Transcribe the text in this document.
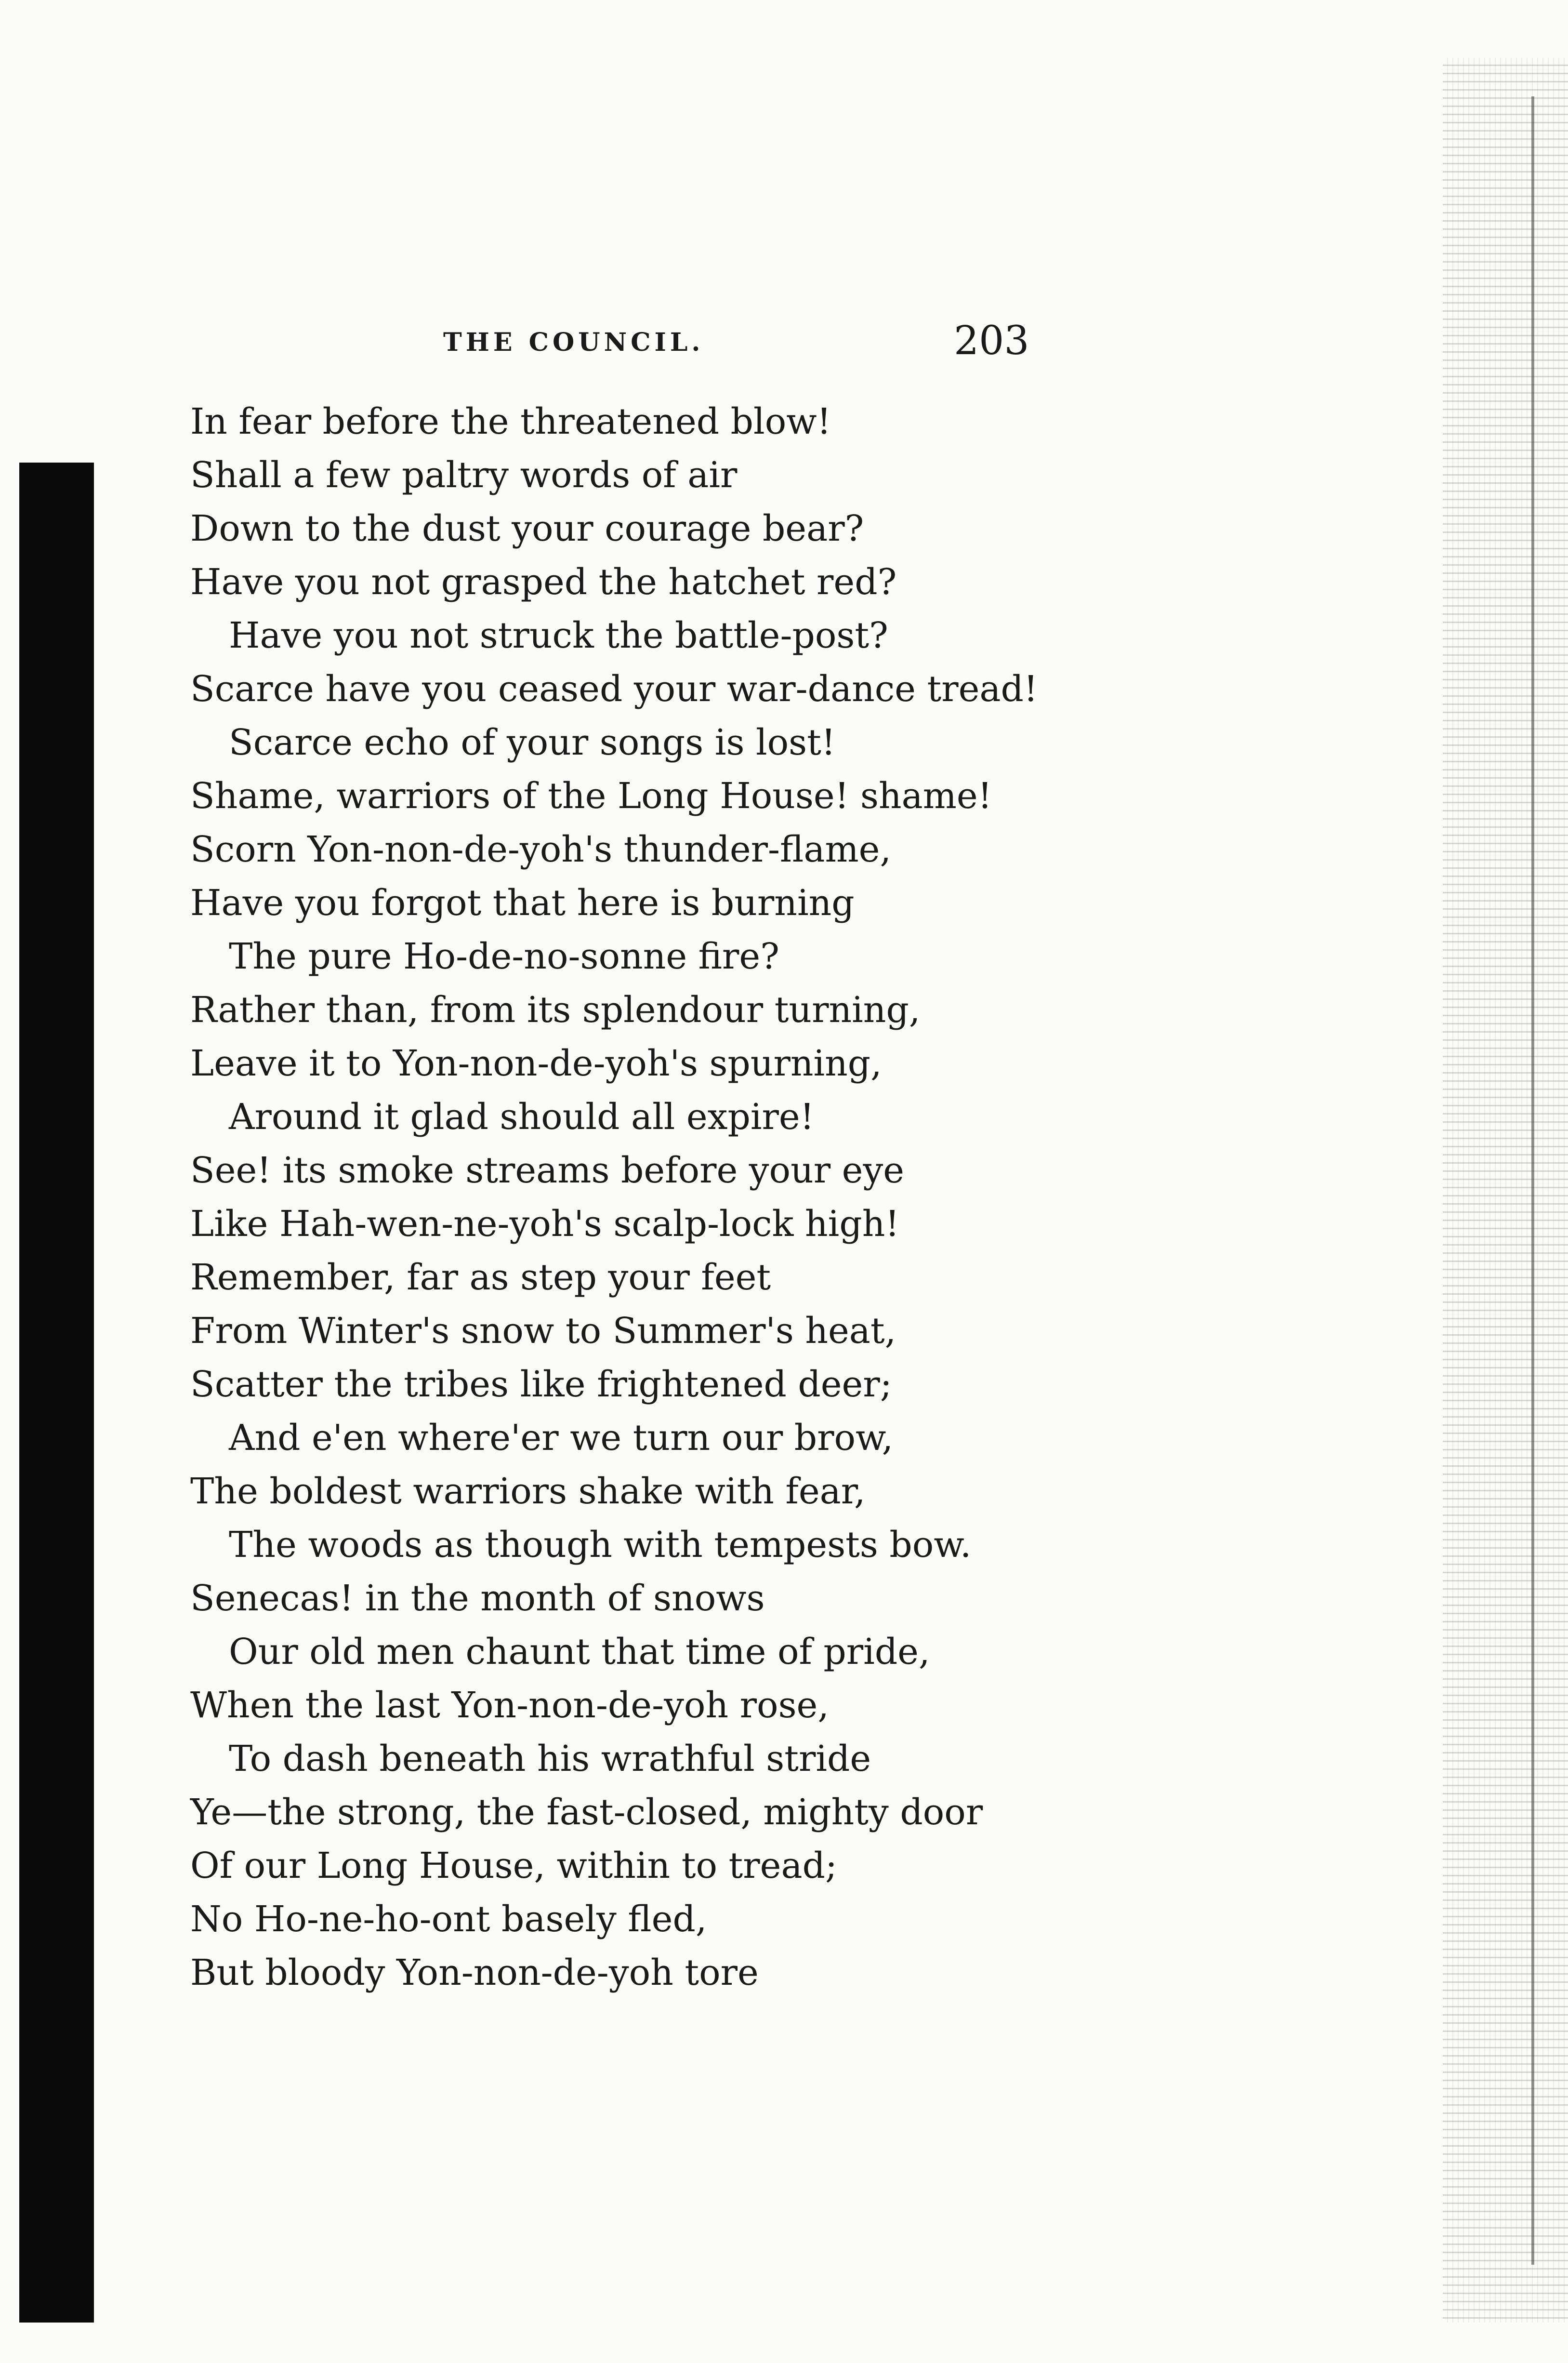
THE COUNCIL.	203
In fear before the threatened blow!
Shall a few paltry words of air
Down to the dust your courage bear?
Have you not grasped the hatchet red?
Have you not struck the battle-post?
Scarce have you ceased your war-dance tread!
Scarce echo of your songs is lost!
Shame, warriors of the Long House! shame!
Scorn Yon-non-de-yoh's thunder-flame,
Have you forgot that here is burning
The pure Ho-de-no-sonne fire?
Rather than, from its splendour turning,
Leave it to Yon-non-de-yoh's spurning,
Around it glad should all expire!
See! its smoke streams before your eye
Like Hah-wen-ne-yoh's scalp-lock high!
Remember, far as step your feet
From Winter's snow to Summer's heat,
Scatter the tribes like frightened deer;
And e'en where'er we turn our brow,
The boldest warriors shake with fear,
The woods as though with tempests bow.
Senecas! in the month of snows
Our old men chaunt that time of pride,
When the last Yon-non-de-yoh rose,
To dash beneath his wrathful stride
Ye—the strong, the fast-closed, mighty door
Of our Long House, within to tread;
No Ho-ne-ho-ont basely fled,
But bloody Yon-non-de-yoh tore
